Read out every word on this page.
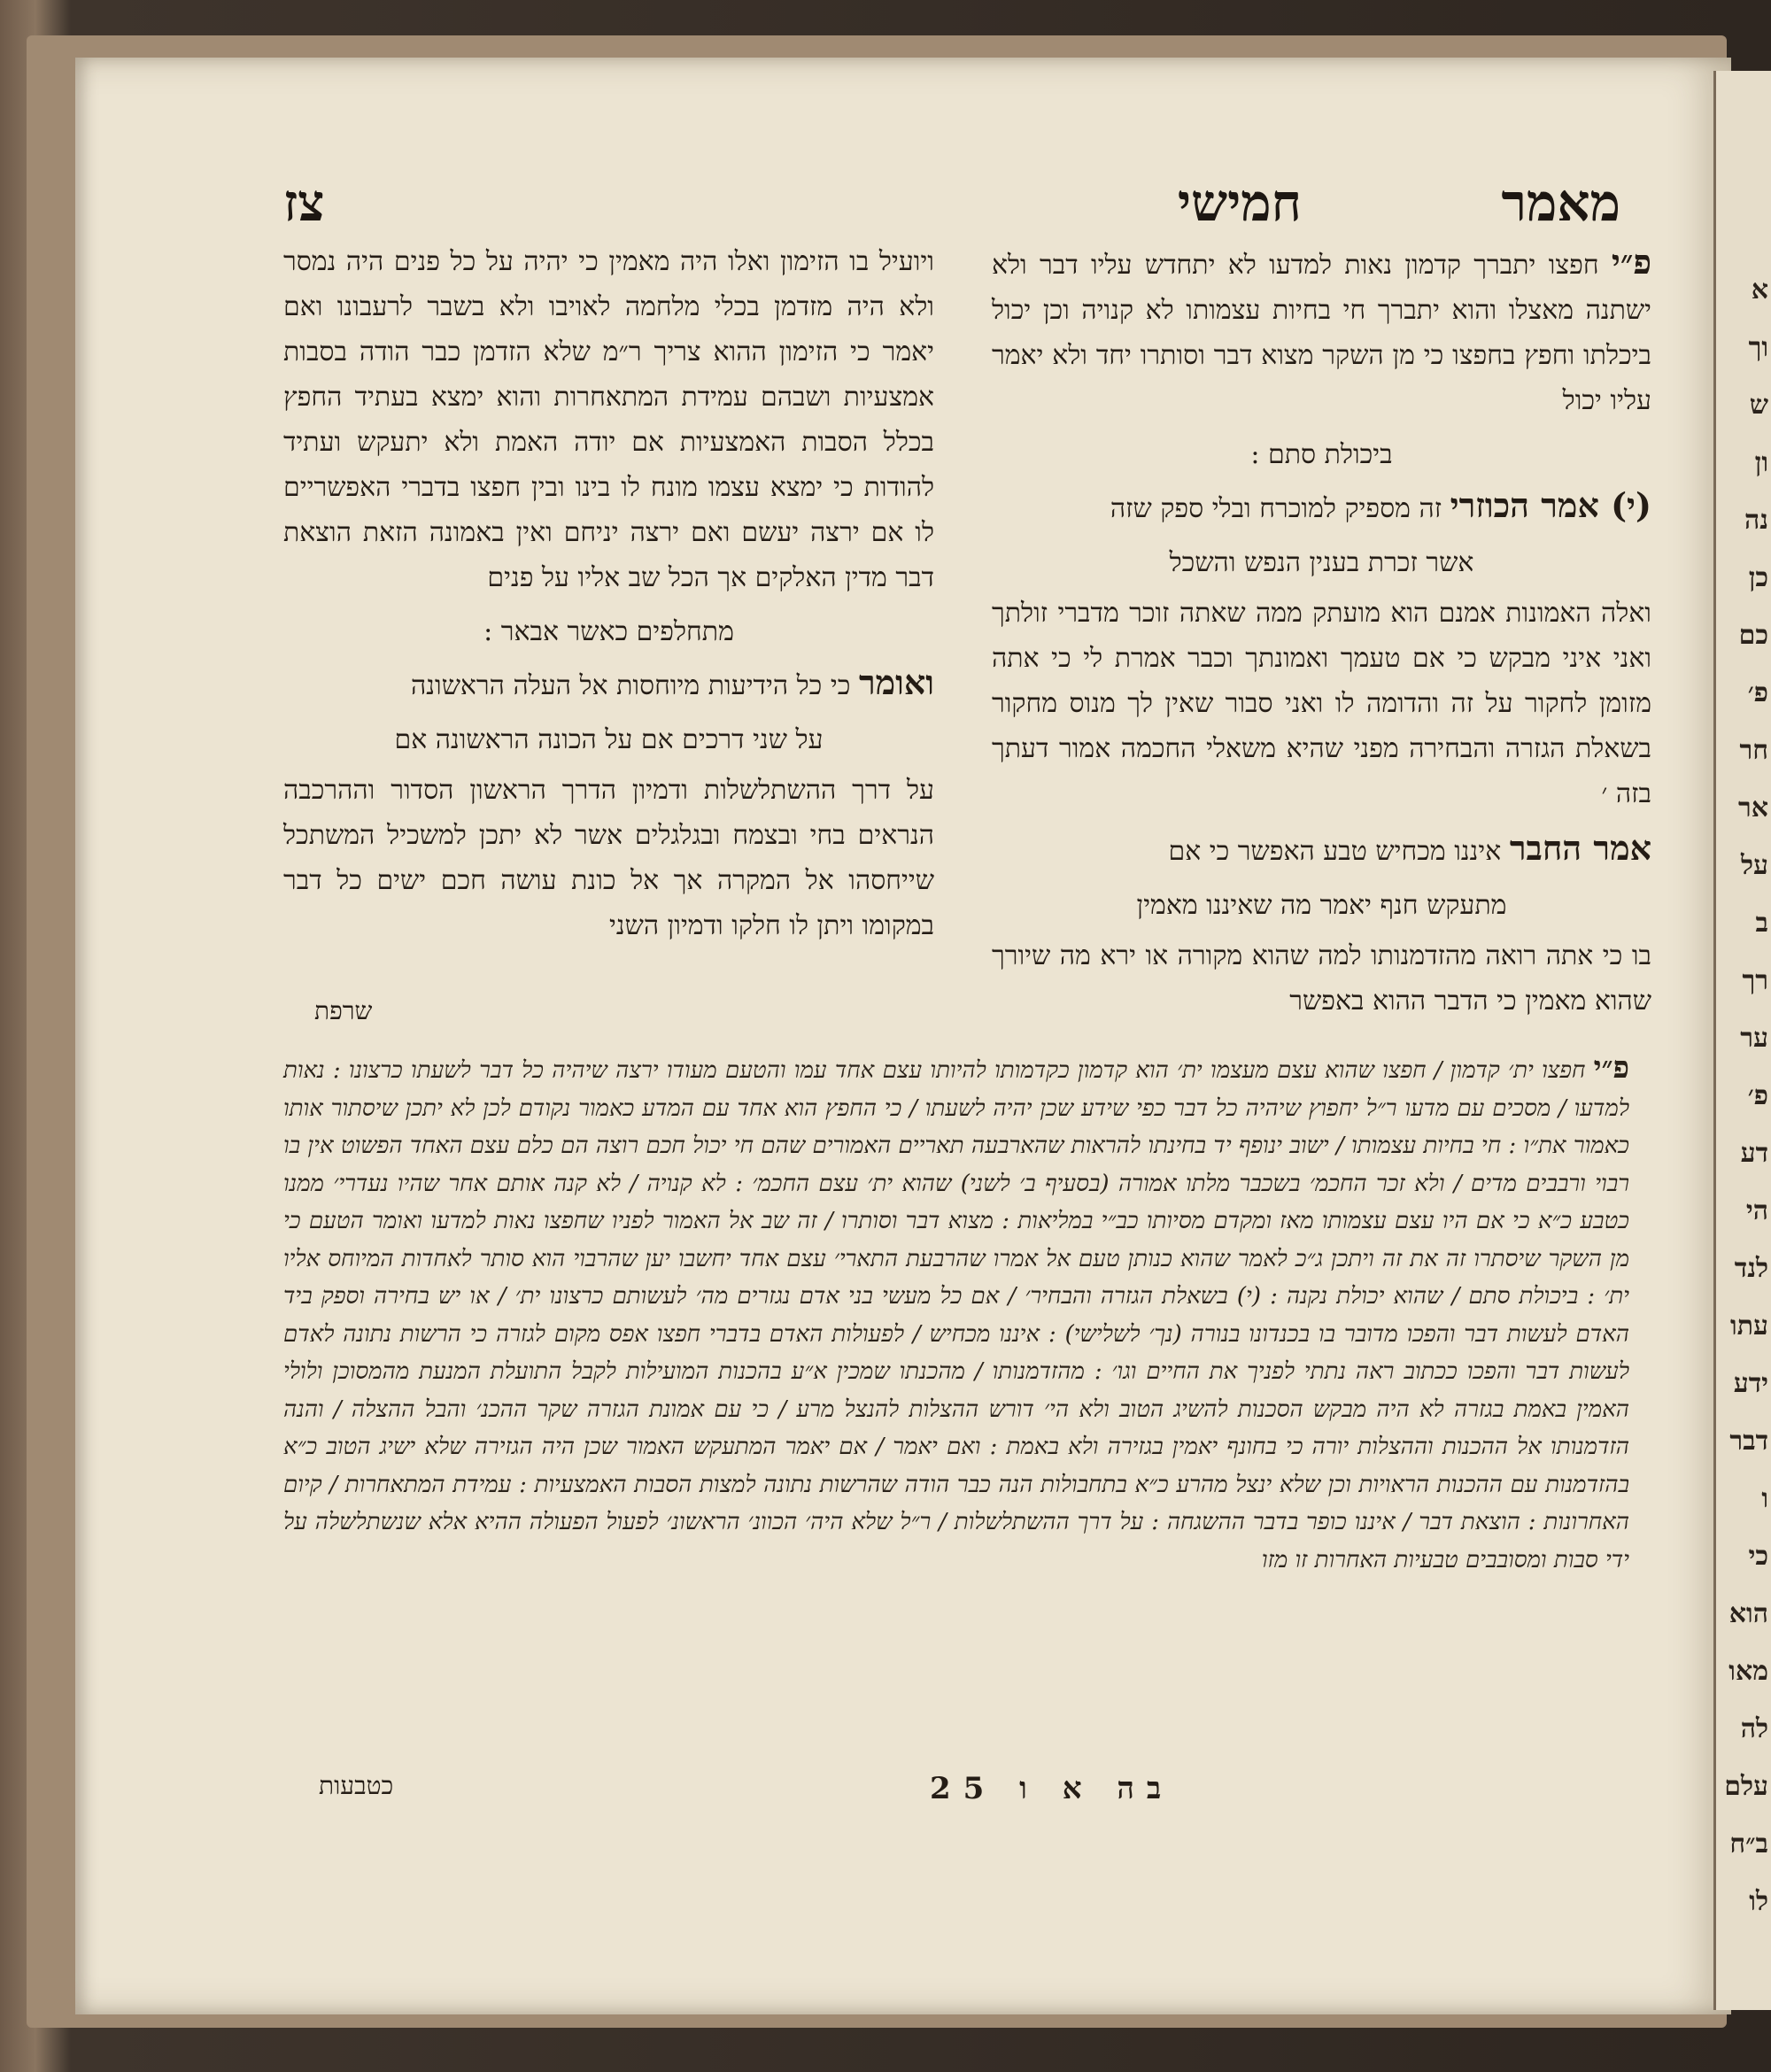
א
וך
ש
ון
נה
כן
כם
פ׳
חר
אר
על
ב
רך
ער
פ׳
דע
הי
לנד
עתו
ידע
דבר
ו
כי
הוא
מאו
לה
עלם
ב״ח
לו
מאמר
חמישי
צז

פ״י חפצו יתברך קדמון נאות למדעו לא יתחדש עליו דבר ולא ישתנה מאצלו והוא יתברך חי בחיות עצמותו לא קנויה וכן יכול ביכלתו וחפץ בחפצו כי מן השקר מצוא דבר וסותרו יחד ולא יאמר עליו יכול

ביכולת סתם :

(י) אמר הכוזרי זה מספיק למוכרח ובלי ספק שזה

אשר זכרת בענין הנפש והשכל

ואלה האמונות אמנם הוא מועתק ממה שאתה זוכר מדברי זולתך ואני איני מבקש כי אם טעמך ואמונתך וכבר אמרת לי כי אתה מזומן לחקור על זה והדומה לו ואני סבור שאין לך מנוס מחקור בשאלת הגזרה והבחירה מפני שהיא משאלי החכמה אמור דעתך בזה ׳

אמר החבר איננו מכחיש טבע האפשר כי אם

מתעקש חנף יאמר מה שאיננו מאמין

בו כי אתה רואה מהזדמנותו למה שהוא מקורה או ירא מה שיורך שהוא מאמין כי הדבר ההוא באפשר

ויועיל בו הזימון ואלו היה מאמין כי יהיה על כל פנים היה נמסר ולא היה מזדמן בכלי מלחמה לאויבו ולא בשבר לרעבונו ואם יאמר כי הזימון ההוא צריך ר״מ שלא הזדמן כבר הודה בסבות אמצעיות ושבהם עמידת המתאחרות והוא ימצא בעתיד החפץ בכלל הסבות האמצעיות אם יודה האמת ולא יתעקש ועתיד להודות כי ימצא עצמו מונח לו בינו ובין חפצו בדברי האפשריים לו אם ירצה יעשם ואם ירצה יניחם ואין באמונה הזאת הוצאת דבר מדין האלקים אך הכל שב אליו על פנים

מתחלפים כאשר אבאר :

ואומר כי כל הידיעות מיוחסות אל העלה הראשונה

על שני דרכים אם על הכונה הראשונה אם

על דרך ההשתלשלות ודמיון הדרך הראשון הסדור וההרכבה הנראים בחי ובצמח ובגלגלים אשר לא יתכן למשכיל המשתכל שייחסהו אל המקרה אך אל כונת עושה חכם ישים כל דבר במקומו ויתן לו חלקו ודמיון השני

שרפת
פ״י חפצו ית׳ קדמון / חפצו שהוא עצם מעצמו ית׳ הוא קדמון כקדמותו להיותו עצם אחד עמו והטעם מעודו ירצה שיהיה כל דבר לשעתו כרצונו : נאות למדעו / מסכים עם מדעו ר״ל יחפוץ שיהיה כל דבר כפי שידע שכן יהיה לשעתו / כי החפץ הוא אחד עם המדע כאמור נקודם לכן לא יתכן שיסתור אותו כאמור את״ו : חי בחיות עצמותו / ישוב ינופף יד בחינתו להראות שהארבעה תאריים האמורים שהם חי יכול חכם רוצה הם כלם עצם האחד הפשוט אין בו רבוי ורבבים מדים / ולא זכר החכמ׳ בשכבר מלתו אמורה (בסעיף ב׳ לשני) שהוא ית׳ עצם החכמ׳ : לא קנויה / לא קנה אותם אחר שהיו נעדרי׳ ממנו כטבע כ״א כי אם היו עצם עצמותו מאז ומקדם מסיותו כב״י במליאות : מצוא דבר וסותרו / זה שב אל האמור לפניו שחפצו נאות למדעו ואומר הטעם כי מן השקר שיסתרו זה את זה ויתכן ג״כ לאמר שהוא כנותן טעם אל אמרו שהרבעת התארי׳ עצם אחד יחשבו יען שהרבוי הוא סותר לאחדות המיוחס אליו ית׳ : ביכולת סתם / שהוא יכולת נקנה : (י) בשאלת הגזרה והבחיר׳ / אם כל מעשי בני אדם נגזרים מה׳ לעשותם כרצונו ית׳ / או יש בחירה וספק ביד האדם לעשות דבר והפכו מדובר בו בכנדונו בנורה (נך׳ לשלישי) : איננו מכחיש / לפעולות האדם בדברי חפצו אפס מקום לגזרה כי הרשות נתונה לאדם לעשות דבר והפכו ככתוב ראה נתתי לפניך את החיים וגו׳ : מהזדמנותו / מהכנתו שמכין א״ע בהכנות המועילות לקבל התועלת המנעת מהמסוכן ולולי האמין באמת בגזרה לא היה מבקש הסכנות להשיג הטוב ולא הי׳ דורש ההצלות להנצל מרע / כי עם אמונת הגזרה שקר ההכנ׳ והבל ההצלה / והנה הזדמנותו אל ההכנות וההצלות יורה כי בחונף יאמין בגזירה ולא באמת : ואם יאמר / אם יאמר המתעקש האמור שכן היה הגזירה שלא ישיג הטוב כ״א בהזדמנות עם ההכנות הראויות וכן שלא ינצל מהרע כ״א בתחבולות הנה כבר הודה שהרשות נתונה למצות הסבות האמצעיות : עמידת המתאחרות / קיום האחרונות : הוצאת דבר / איננו כופר בדבר ההשגחה : על דרך ההשתלשלות / ר״ל שלא היה׳ הכוונ׳ הראשונ׳ לפעול הפעולה ההיא אלא שנשתלשלה על ידי סבות ומסובבים טבעיות האחרות זו מזו
בה א ו 25
כטבעות
